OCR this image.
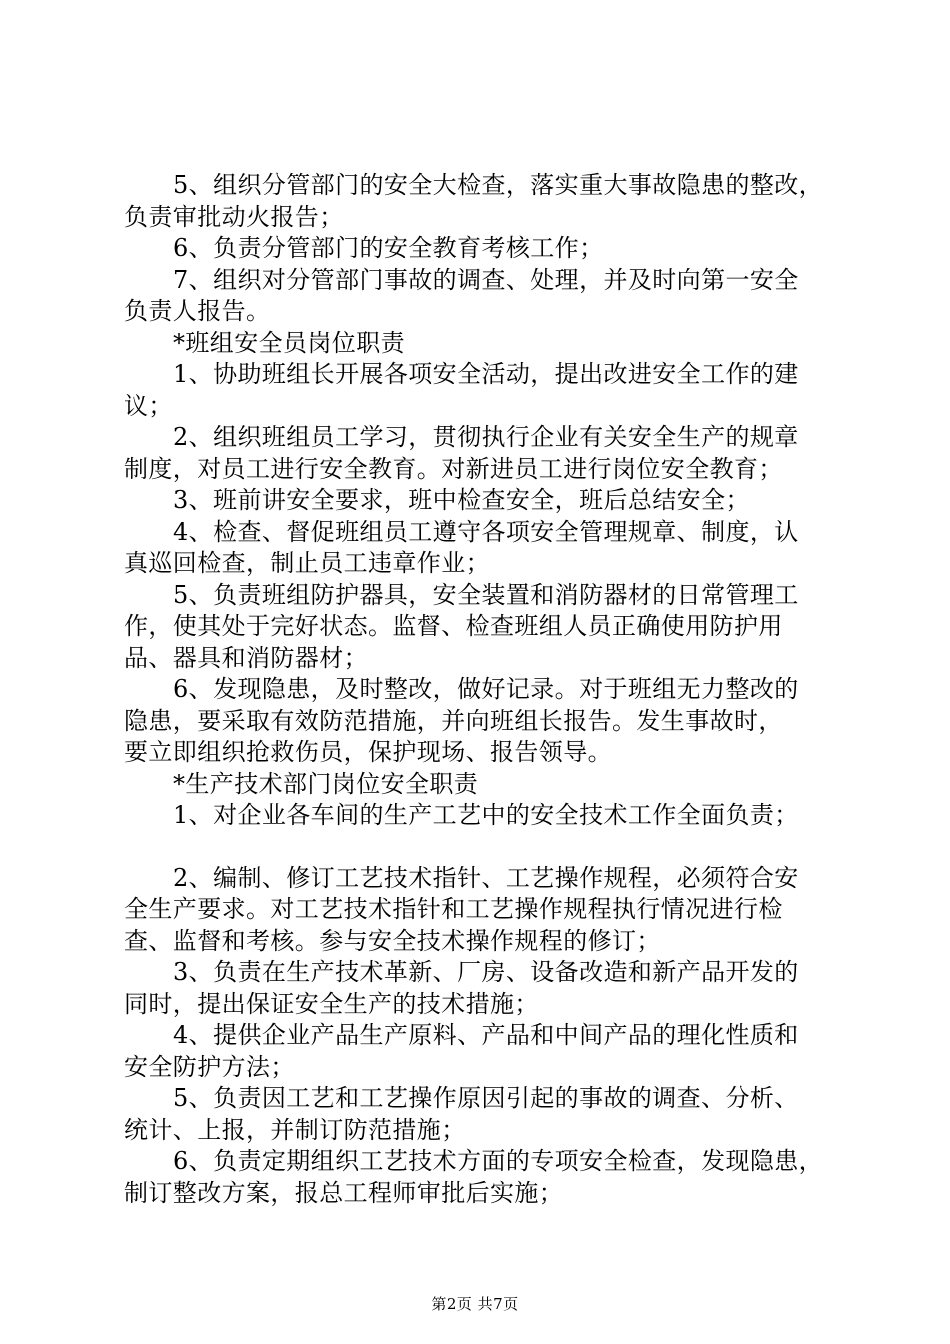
5、组织分管部门的安全大检查，落实重大事故隐患的整改，
负责审批动火报告；
6、负责分管部门的安全教育考核工作；
7、组织对分管部门事故的调查、处理，并及时向第一安全
负责人报告。
*班组安全员岗位职责
1、协助班组长开展各项安全活动，提出改进安全工作的建
议；
2、组织班组员工学习，贯彻执行企业有关安全生产的规章
制度，对员工进行安全教育。对新进员工进行岗位安全教育；
3、班前讲安全要求，班中检查安全，班后总结安全；
4、检查、督促班组员工遵守各项安全管理规章、制度，认
真巡回检查，制止员工违章作业；
5、负责班组防护器具，安全装置和消防器材的日常管理工
作，使其处于完好状态。监督、检查班组人员正确使用防护用
品、器具和消防器材；
6、发现隐患，及时整改，做好记录。对于班组无力整改的
隐患，要采取有效防范措施，并向班组长报告。发生事故时，
要立即组织抢救伤员，保护现场、报告领导。
*生产技术部门岗位安全职责
1、对企业各车间的生产工艺中的安全技术工作全面负责；
2、编制、修订工艺技术指针、工艺操作规程，必须符合安
全生产要求。对工艺技术指针和工艺操作规程执行情况进行检
查、监督和考核。参与安全技术操作规程的修订；
3、负责在生产技术革新、厂房、设备改造和新产品开发的
同时，提出保证安全生产的技术措施；
4、提供企业产品生产原料、产品和中间产品的理化性质和
安全防护方法；
5、负责因工艺和工艺操作原因引起的事故的调查、分析、
统计、上报，并制订防范措施；
6、负责定期组织工艺技术方面的专项安全检查，发现隐患，
制订整改方案，报总工程师审批后实施；
第2页 共7页
